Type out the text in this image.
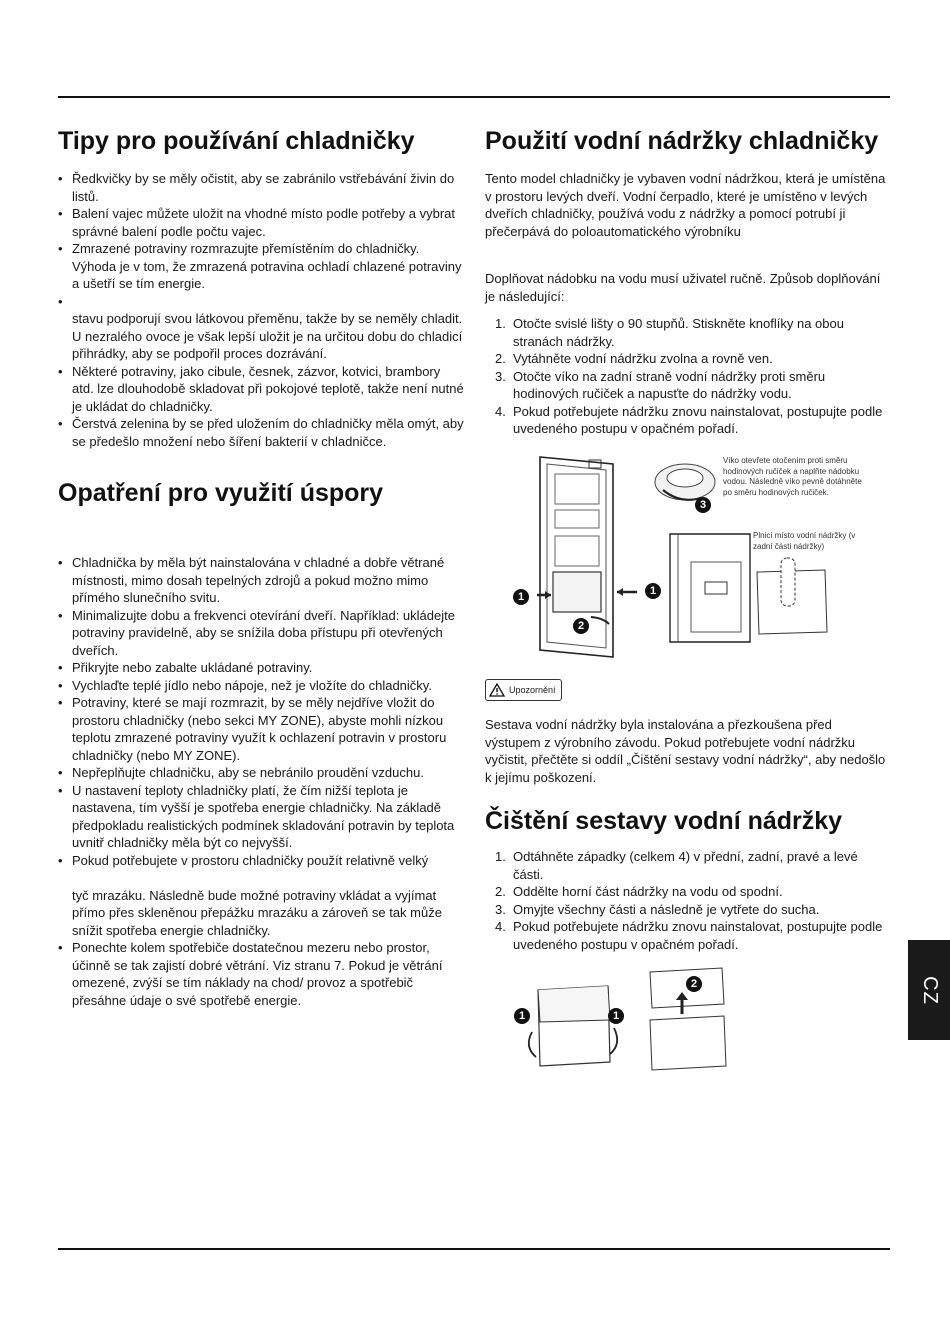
Tipy pro používání chladničky
• Ředkvičky by se měly očistit, aby se zabránilo vstřebávání živin do listů.
• Balení vajec můžete uložit na vhodné místo podle potřeby a vybrat správné balení podle počtu vajec.
• Zmrazené potraviny rozmrazujte přemístěním do chladničky. Výhoda je v tom, že zmrazená potravina ochladí chlazené potraviny a ušetří se tím energie.
•
stavu podporují svou látkovou přeměnu, takže by se neměly chladit. U nezralého ovoce je však lepší uložit je na určitou dobu do chladicí přihrádky, aby se podpořil proces dozrávání.
• Některé potraviny, jako cibule, česnek, zázvor, kotvici, brambory atd. lze dlouhodobě skladovat při pokojové teplotě, takže není nutné je ukládat do chladničky.
• Čerstvá zelenina by se před uložením do chladničky měla omýt, aby se předešlo množení nebo šíření bakterií v chladničce.
Opatření pro využití úspory
• Chladnička by měla být nainstalována v chladné a dobře větrané místnosti, mimo dosah tepelných zdrojů a pokud možno mimo přímého slunečního svitu.
• Minimalizujte dobu a frekvenci otevírání dveří. Například: ukládejte potraviny pravidelně, aby se snížila doba přístupu při otevřených dveřích.
• Přikryjte nebo zabalte ukládané potraviny.
• Vychlaďte teplé jídlo nebo nápoje, než je vložíte do chladničky.
• Potraviny, které se mají rozmrazit, by se měly nejdříve vložit do prostoru chladničky (nebo sekci MY ZONE), abyste mohli nízkou teplotu zmrazené potraviny využít k ochlazení potravin v prostoru chladničky (nebo MY ZONE).
• Nepřeplňujte chladničku, aby se nebránilo proudění vzduchu.
• U nastavení teploty chladničky platí, že čím nižší teplota je nastavena, tím vyšší je spotřeba energie chladničky. Na základě předpokladu realistických podmínek skladování potravin by teplota uvnitř chladničky měla být co nejvyšší.
• Pokud potřebujete v prostoru chladničky použít relativně velký
tyč mrazáku. Následně bude možné potraviny vkládat a vyjímat přímo přes skleněnou přepážku mrazáku a zároveň se tak může snížit spotřeba energie chladničky.
• Ponechte kolem spotřebiče dostatečnou mezeru nebo prostor, účinně se tak zajistí dobré větrání. Viz stranu 7. Pokud je větrání omezené, zvýší se tím náklady na chod/ provoz a spotřebič přesáhne údaje o své spotřebě energie.
Použití vodní nádržky chladničky

Tento model chladničky je vybaven vodní nádržkou, která je umístěna v prostoru levých dveří. Vodní čerpadlo, které je umístěno v levých dveřích chladničky, používá vodu z nádržky a pomocí potrubí ji přečerpává do poloautomatického výrobníku

Doplňovat nádobku na vodu musí uživatel ručně. Způsob doplňování je následující:

1. Otočte svislé lišty o 90 stupňů. Stiskněte knoflíky na obou stranách nádržky.
2. Vytáhněte vodní nádržku zvolna a rovně ven.
3. Otočte víko na zadní straně vodní nádržky proti směru hodinových ručiček a napusťte do nádržky vodu.
4. Pokud potřebujete nádržku znovu nainstalovat, postupujte podle uvedeného postupu v opačném pořadí.
1	1
2
3
Víko otevřete otočením proti směru hodinových ručiček a naplňte nádobku vodou. Následně víko pevně dotáhněte po směru hodinových ručiček.
Plnicí místo vodní nádržky (v zadní části nádržky)
Upozornění

Sestava vodní nádržky byla instalována a přezkoušena před výstupem z výrobního závodu. Pokud potřebujete vodní nádržku vyčistit, přečtěte si oddíl „Čištění sestavy vodní nádržky“, aby nedošlo k jejímu poškození.

Čištění sestavy vodní nádržky
1. Odtáhněte západky (celkem 4) v přední, zadní, pravé a levé části.
2. Oddělte horní část nádržky na vodu od spodní.
3. Omyjte všechny části a následně je vytřete do sucha.
4. Pokud potřebujete nádržku znovu nainstalovat, postupujte podle uvedeného postupu v opačném pořadí.
1	1
2	CZ
